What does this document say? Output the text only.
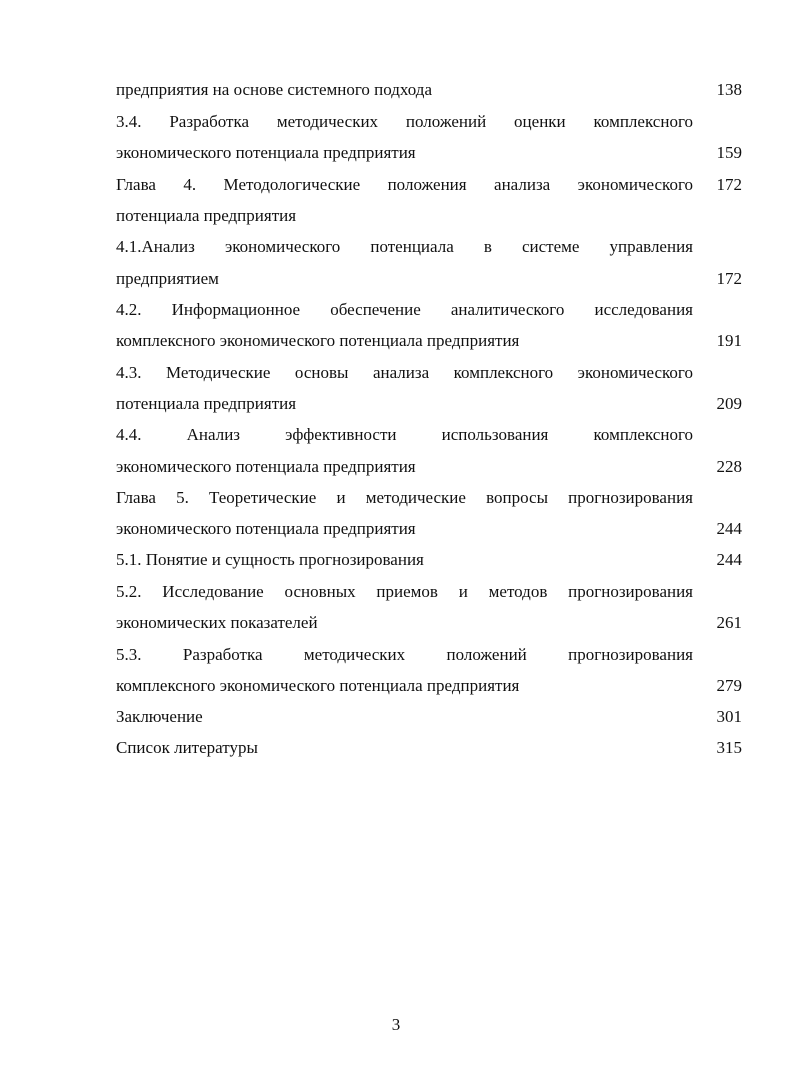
предприятия на основе системного подхода	138
3.4. Разработка методических положений оценки комплексного
экономического потенциала предприятия	159
Глава 4. Методологические положения анализа экономического	172
потенциала предприятия
4.1.Анализ экономического потенциала в системе управления
предприятием	172
4.2. Информационное обеспечение аналитического исследования
комплексного экономического потенциала предприятия	191
4.3. Методические основы анализа комплексного экономического
потенциала предприятия	209
4.4. Анализ эффективности использования комплексного
экономического потенциала предприятия	228
Глава 5. Теоретические и методические вопросы прогнозирования
экономического потенциала предприятия	244
5.1. Понятие и сущность прогнозирования	244
5.2. Исследование основных приемов и методов прогнозирования
экономических показателей	261
5.3. Разработка методических положений прогнозирования
комплексного экономического потенциала предприятия	279
Заключение	301
Список литературы	315
3
